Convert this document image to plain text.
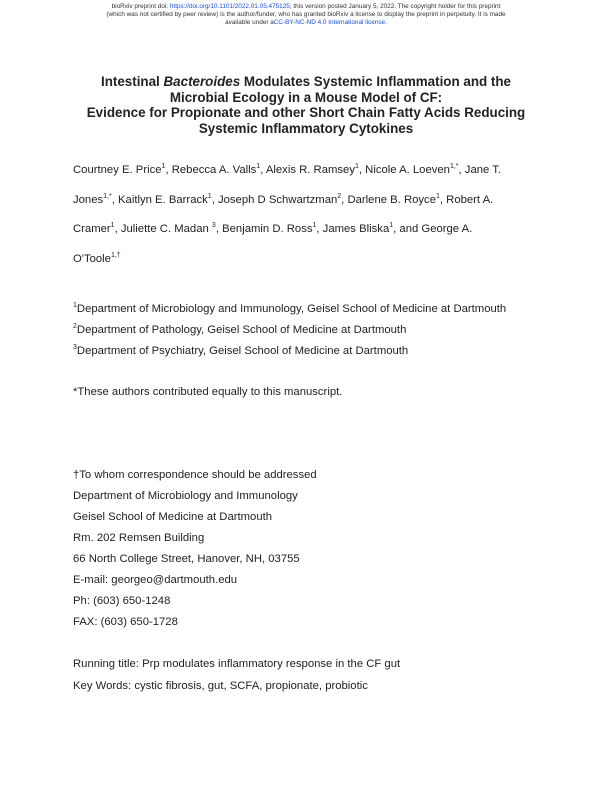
bioRxiv preprint doi: https://doi.org/10.1101/2022.01.05.475125; this version posted January 5, 2022. The copyright holder for this preprint
(which was not certified by peer review) is the author/funder, who has granted bioRxiv a license to display the preprint in perpetuity. It is made
available under aCC-BY-NC-ND 4.0 International license.
Intestinal Bacteroides Modulates Systemic Inflammation and the
Microbial Ecology in a Mouse Model of CF:
Evidence for Propionate and other Short Chain Fatty Acids Reducing
Systemic Inflammatory Cytokines
Courtney E. Price$^1$, Rebecca A. Valls$^1$, Alexis R. Ramsey$^1$, Nicole A. Loeven$^{1,*}$, Jane T.
Jones$^{1,*}$, Kaitlyn E. Barrack$^1$, Joseph D Schwartzman$^2$, Darlene B. Royce$^1$, Robert A.
Cramer$^1$, Juliette C. Madan $^3$, Benjamin D. Ross$^1$, James Bliska$^1$, and George A.
O'Toole$^{1,\dagger}$
$^1$Department of Microbiology and Immunology, Geisel School of Medicine at Dartmouth
$^2$Department of Pathology, Geisel School of Medicine at Dartmouth
$^3$Department of Psychiatry, Geisel School of Medicine at Dartmouth
*These authors contributed equally to this manuscript.
†To whom correspondence should be addressed
Department of Microbiology and Immunology
Geisel School of Medicine at Dartmouth
Rm. 202 Remsen Building
66 North College Street, Hanover, NH, 03755
E-mail: georgeo@dartmouth.edu
Ph: (603) 650-1248
FAX: (603) 650-1728
Running title: Prp modulates inflammatory response in the CF gut
Key Words: cystic fibrosis, gut, SCFA, propionate, probiotic
